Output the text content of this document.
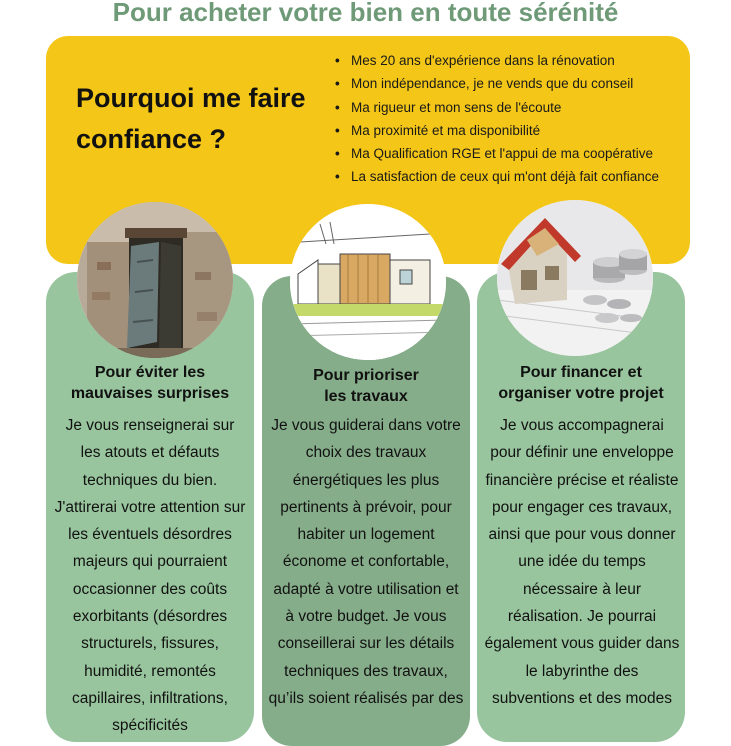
Pour acheter votre bien en toute sérénité
Pourquoi me faire confiance ?
• Mes 20 ans d'expérience dans la rénovation
• Mon indépendance, je ne vends que du conseil
• Ma rigueur et mon sens de l'écoute
• Ma proximité et ma disponibilité
• Ma Qualification RGE et l'appui de ma coopérative
• La satisfaction de ceux qui m'ont déjà fait confiance
Pour éviter les
mauvaises surprises

Je vous renseignerai sur les atouts et défauts techniques du bien. J'attirerai votre attention sur les éventuels désordres majeurs qui pourraient occasionner des coûts exorbitants (désordres structurels, fissures, humidité, remontés capillaires, infiltrations, spécificités

Pour prioriser
les travaux

Je vous guiderai dans votre choix des travaux énergétiques les plus pertinents à prévoir, pour habiter un logement économe et confortable, adapté à votre utilisation et à votre budget. Je vous conseillerai sur les détails techniques des travaux, qu’ils soient réalisés par des

Pour financer et
organiser votre projet

Je vous accompagnerai pour définir une enveloppe financière précise et réaliste pour engager ces travaux, ainsi que pour vous donner une idée du temps nécessaire à leur réalisation. Je pourrai également vous guider dans le labyrinthe des subventions et des modes
